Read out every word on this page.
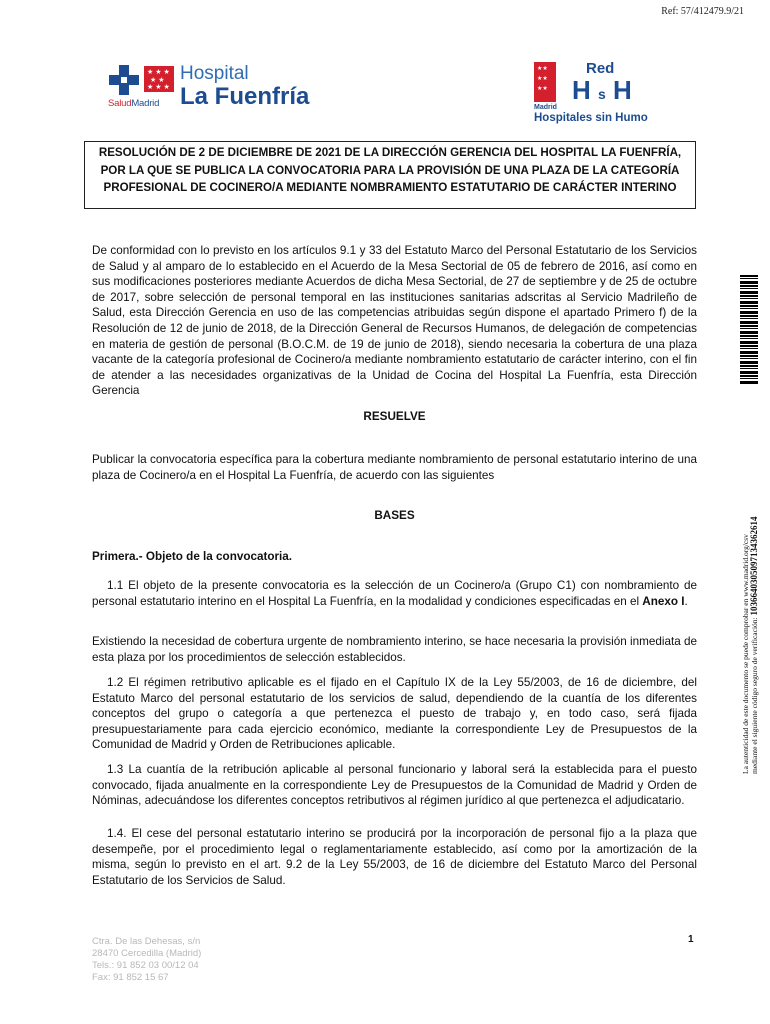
Ref: 57/412479.9/21
★ ★ ★
★ ★
★ ★ ★
SaludMadrid
Hospital
La Fuenfría
★★
★★
★★
Madrid
Red
H s H
Hospitales sin Humo
RESOLUCIÓN DE 2 DE DICIEMBRE DE 2021 DE LA DIRECCIÓN GERENCIA DEL HOSPITAL LA FUENFRÍA, POR LA QUE SE PUBLICA LA CONVOCATORIA PARA LA PROVISIÓN DE UNA PLAZA DE LA CATEGORÍA PROFESIONAL DE COCINERO/A MEDIANTE NOMBRAMIENTO ESTATUTARIO DE CARÁCTER INTERINO
De conformidad con lo previsto en los artículos 9.1 y 33 del Estatuto Marco del Personal Estatutario de los Servicios de Salud y al amparo de lo establecido en el Acuerdo de la Mesa Sectorial de 05 de febrero de 2016, así como en sus modificaciones posteriores mediante Acuerdos de dicha Mesa Sectorial, de 27 de septiembre y de 25 de octubre de 2017, sobre selección de personal temporal en las instituciones sanitarias adscritas al Servicio Madrileño de Salud, esta Dirección Gerencia en uso de las competencias atribuidas según dispone el apartado Primero f) de la Resolución de 12 de junio de 2018, de la Dirección General de Recursos Humanos, de delegación de competencias en materia de gestión de personal (B.O.C.M. de 19 de junio de 2018), siendo necesaria la cobertura de una plaza vacante de la categoría profesional de Cocinero/a mediante nombramiento estatutario de carácter interino, con el fin de atender a las necesidades organizativas de la Unidad de Cocina del Hospital La Fuenfría, esta Dirección Gerencia
RESUELVE
Publicar la convocatoria específica para la cobertura mediante nombramiento de personal estatutario interino de una plaza de Cocinero/a en el Hospital La Fuenfría, de acuerdo con las siguientes
BASES
Primera.- Objeto de la convocatoria.
1.1 El objeto de la presente convocatoria es la selección de un Cocinero/a (Grupo C1) con nombramiento de personal estatutario interino en el Hospital La Fuenfría, en la modalidad y condiciones especificadas en el Anexo I.
Existiendo la necesidad de cobertura urgente de nombramiento interino, se hace necesaria la provisión inmediata de esta plaza por los procedimientos de selección establecidos.
1.2 El régimen retributivo aplicable es el fijado en el Capítulo IX de la Ley 55/2003, de 16 de diciembre, del Estatuto Marco del personal estatutario de los servicios de salud, dependiendo de la cuantía de los diferentes conceptos del grupo o categoría a que pertenezca el puesto de trabajo y, en todo caso, será fijada presupuestariamente para cada ejercicio económico, mediante la correspondiente Ley de Presupuestos de la Comunidad de Madrid y Orden de Retribuciones aplicable.
1.3 La cuantía de la retribución aplicable al personal funcionario y laboral será la establecida para el puesto convocado, fijada anualmente en la correspondiente Ley de Presupuestos de la Comunidad de Madrid y Orden de Nóminas, adecuándose los diferentes conceptos retributivos al régimen jurídico al que pertenezca el adjudicatario.
1.4. El cese del personal estatutario interino se producirá por la incorporación de personal fijo a la plaza que desempeñe, por el procedimiento legal o reglamentariamente establecido, así como por la amortización de la misma, según lo previsto en el art. 9.2 de la Ley 55/2003, de 16 de diciembre del Estatuto Marco del Personal Estatutario de los Servicios de Salud.
La autenticidad de este documento se puede comprobar en www.madrid.org/csv mediante el siguiente código seguro de verificación: 1036640305097134362614
Ctra. De las Dehesas, s/n
28470 Cercedilla (Madrid)
Tels.: 91 852 03 00/12 04
Fax: 91 852 15 67
1
